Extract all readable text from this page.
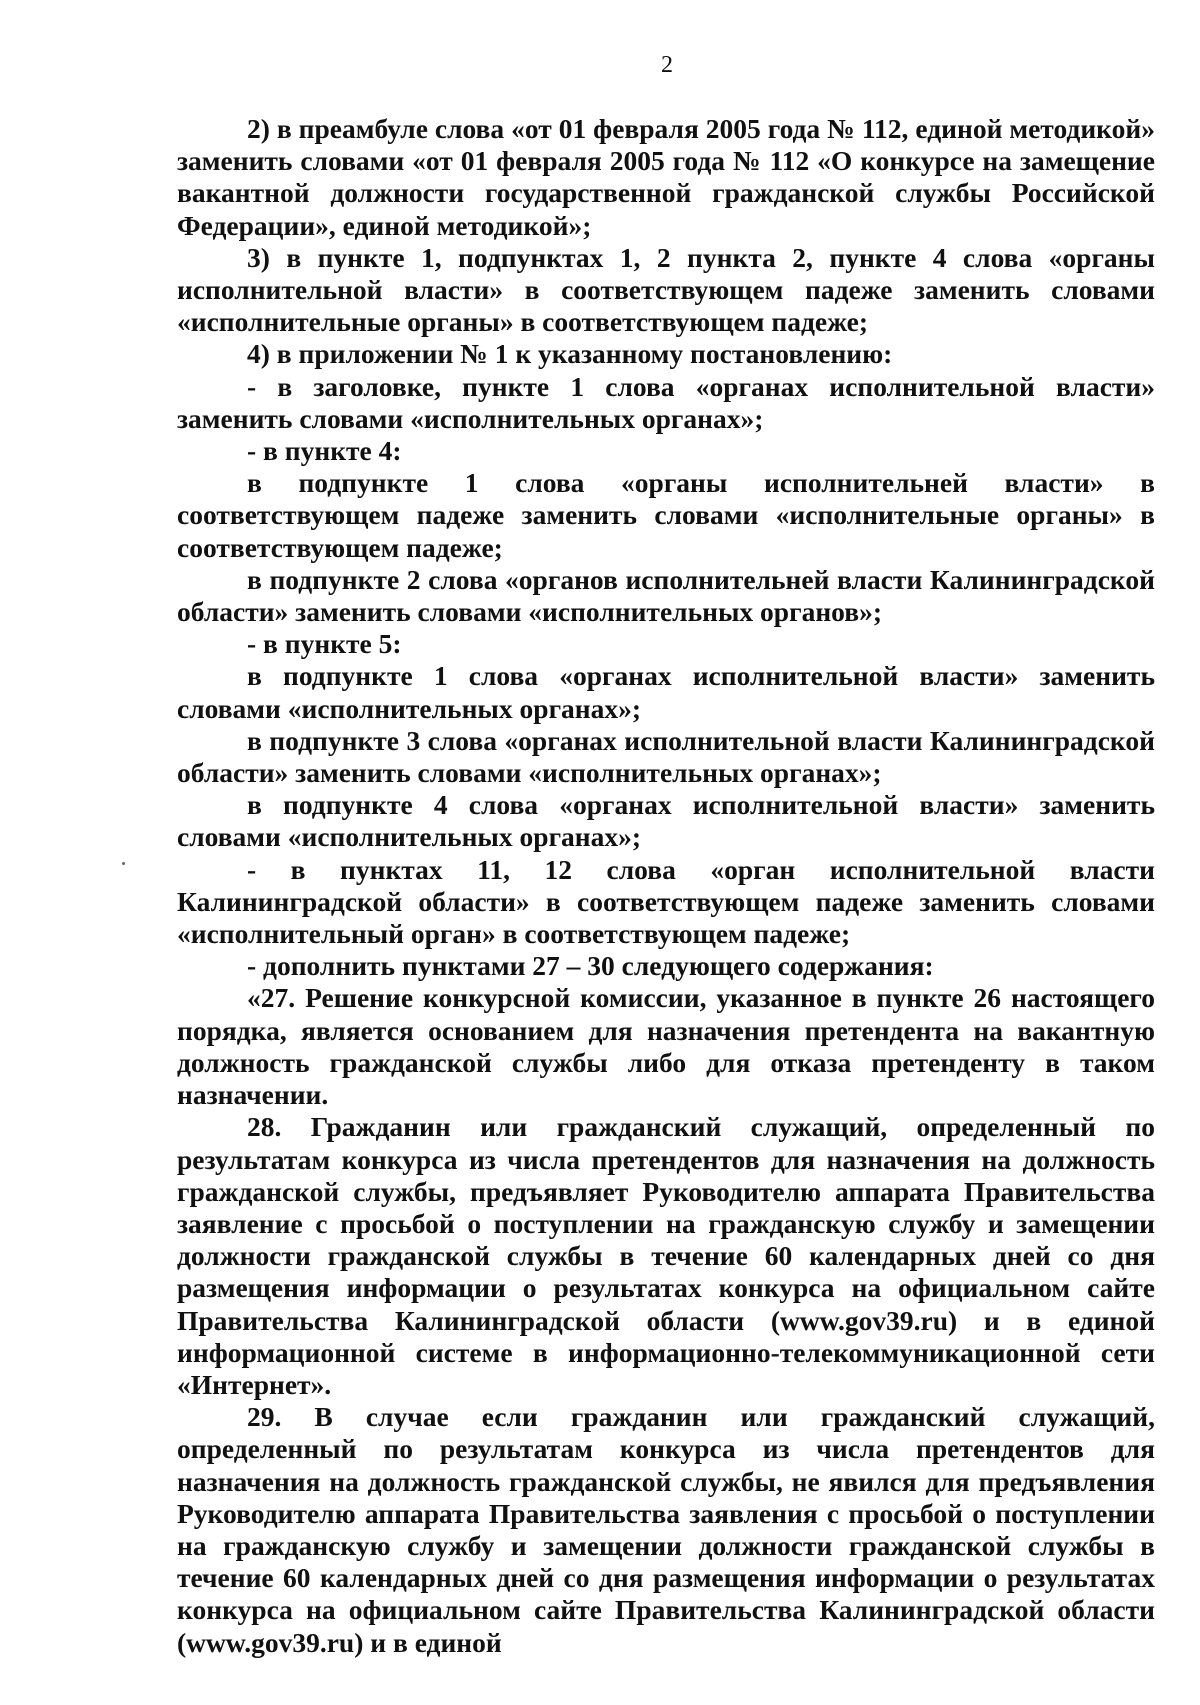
2

2) в преамбуле слова «от 01 февраля 2005 года № 112, единой методикой» заменить словами «от 01 февраля 2005 года № 112 «О конкурсе на замещение вакантной должности государственной гражданской службы Российской Федерации», единой методикой»;

3) в пункте 1, подпунктах 1, 2 пункта 2, пункте 4 слова «органы исполнительной власти» в соответствующем падеже заменить словами «исполнительные органы» в соответствующем падеже;

4) в приложении № 1 к указанному постановлению:

- в заголовке, пункте 1 слова «органах исполнительной власти» заменить словами «исполнительных органах»;

- в пункте 4:

в подпункте 1 слова «органы исполнительней власти» в соответствующем падеже заменить словами «исполнительные органы» в соответствующем падеже;

в подпункте 2 слова «органов исполнительней власти Калининградской области» заменить словами «исполнительных органов»;

- в пункте 5:

в подпункте 1 слова «органах исполнительной власти» заменить словами «исполнительных органах»;

в подпункте 3 слова «органах исполнительной власти Калининградской области» заменить словами «исполнительных органах»;

в подпункте 4 слова «органах исполнительной власти» заменить словами «исполнительных органах»;

- в пунктах 11, 12 слова «орган исполнительной власти Калининградской области» в соответствующем падеже заменить словами «исполнительный орган» в соответствующем падеже;

- дополнить пунктами 27 – 30 следующего содержания:

«27. Решение конкурсной комиссии, указанное в пункте 26 настоящего порядка, является основанием для назначения претендента на вакантную должность гражданской службы либо для отказа претенденту в таком назначении.

28. Гражданин или гражданский служащий, определенный по результатам конкурса из числа претендентов для назначения на должность гражданской службы, предъявляет Руководителю аппарата Правительства заявление с просьбой о поступлении на гражданскую службу и замещении должности гражданской службы в течение 60 календарных дней со дня размещения информации о результатах конкурса на официальном сайте Правительства Калининградской области (www.gov39.ru) и в единой информационной системе в информационно-телекоммуникационной сети «Интернет».

29. В случае если гражданин или гражданский служащий, определенный по результатам конкурса из числа претендентов для назначения на должность гражданской службы, не явился для предъявления Руководителю аппарата Правительства заявления с просьбой о поступлении на гражданскую службу и замещении должности гражданской службы в течение 60 календарных дней со дня размещения информации о результатах конкурса на официальном сайте Правительства Калининградской области (www.gov39.ru) и в единой
